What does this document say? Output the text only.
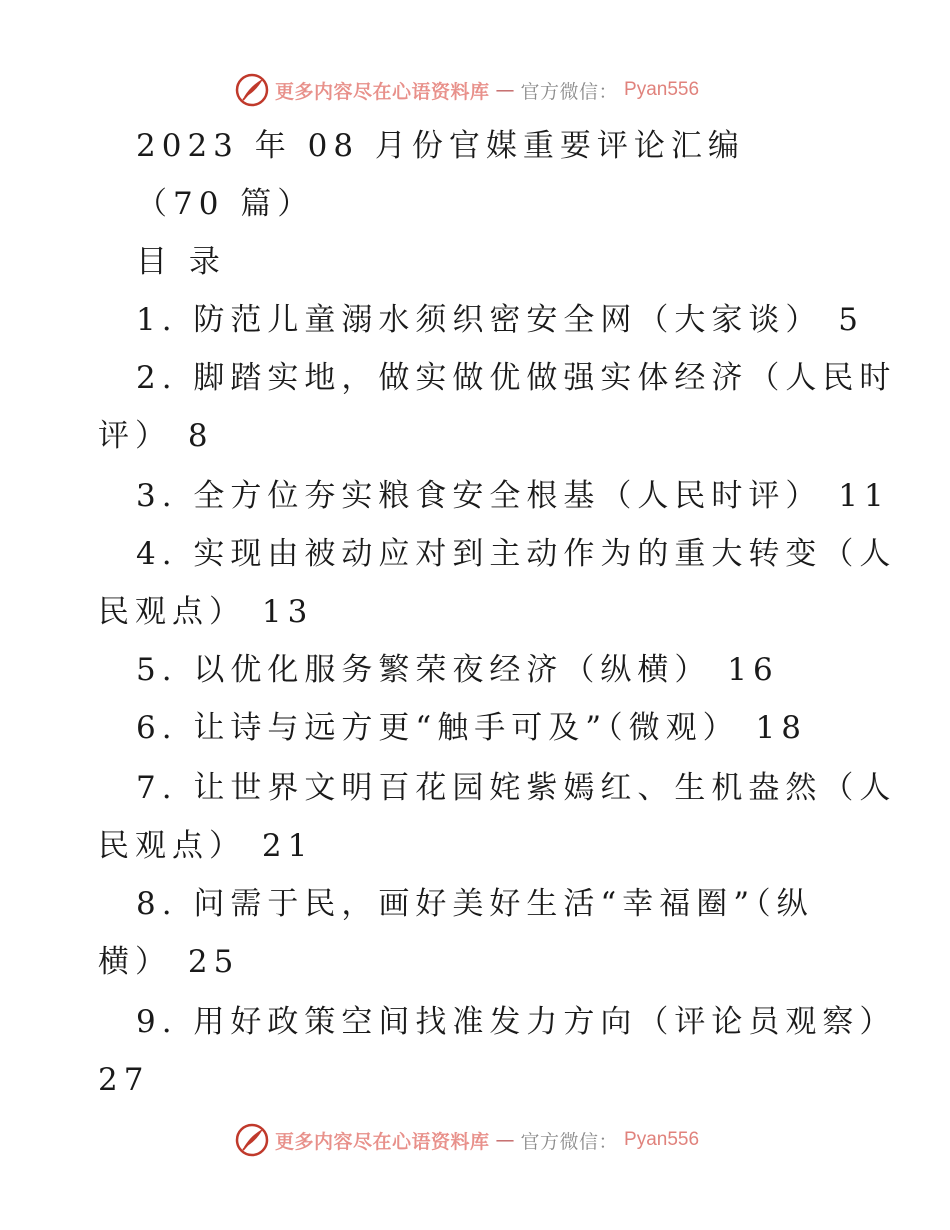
更多内容尽在心语资料库 — 官方微信： Pyan556
2023 年 08 月份官媒重要评论汇编
（70 篇）
目 录
1. 防范儿童溺水须织密安全网（大家谈） 5
2. 脚踏实地，做实做优做强实体经济（人民时
评） 8
3. 全方位夯实粮食安全根基（人民时评） 11
4. 实现由被动应对到主动作为的重大转变（人
民观点） 13
5. 以优化服务繁荣夜经济（纵横） 16
6. 让诗与远方更“触手可及”（微观） 18
7. 让世界文明百花园姹紫嫣红、生机盎然（人
民观点） 21
8. 问需于民，画好美好生活“幸福圈”（纵
横） 25
9. 用好政策空间找准发力方向（评论员观察）
27
更多内容尽在心语资料库 — 官方微信： Pyan556
